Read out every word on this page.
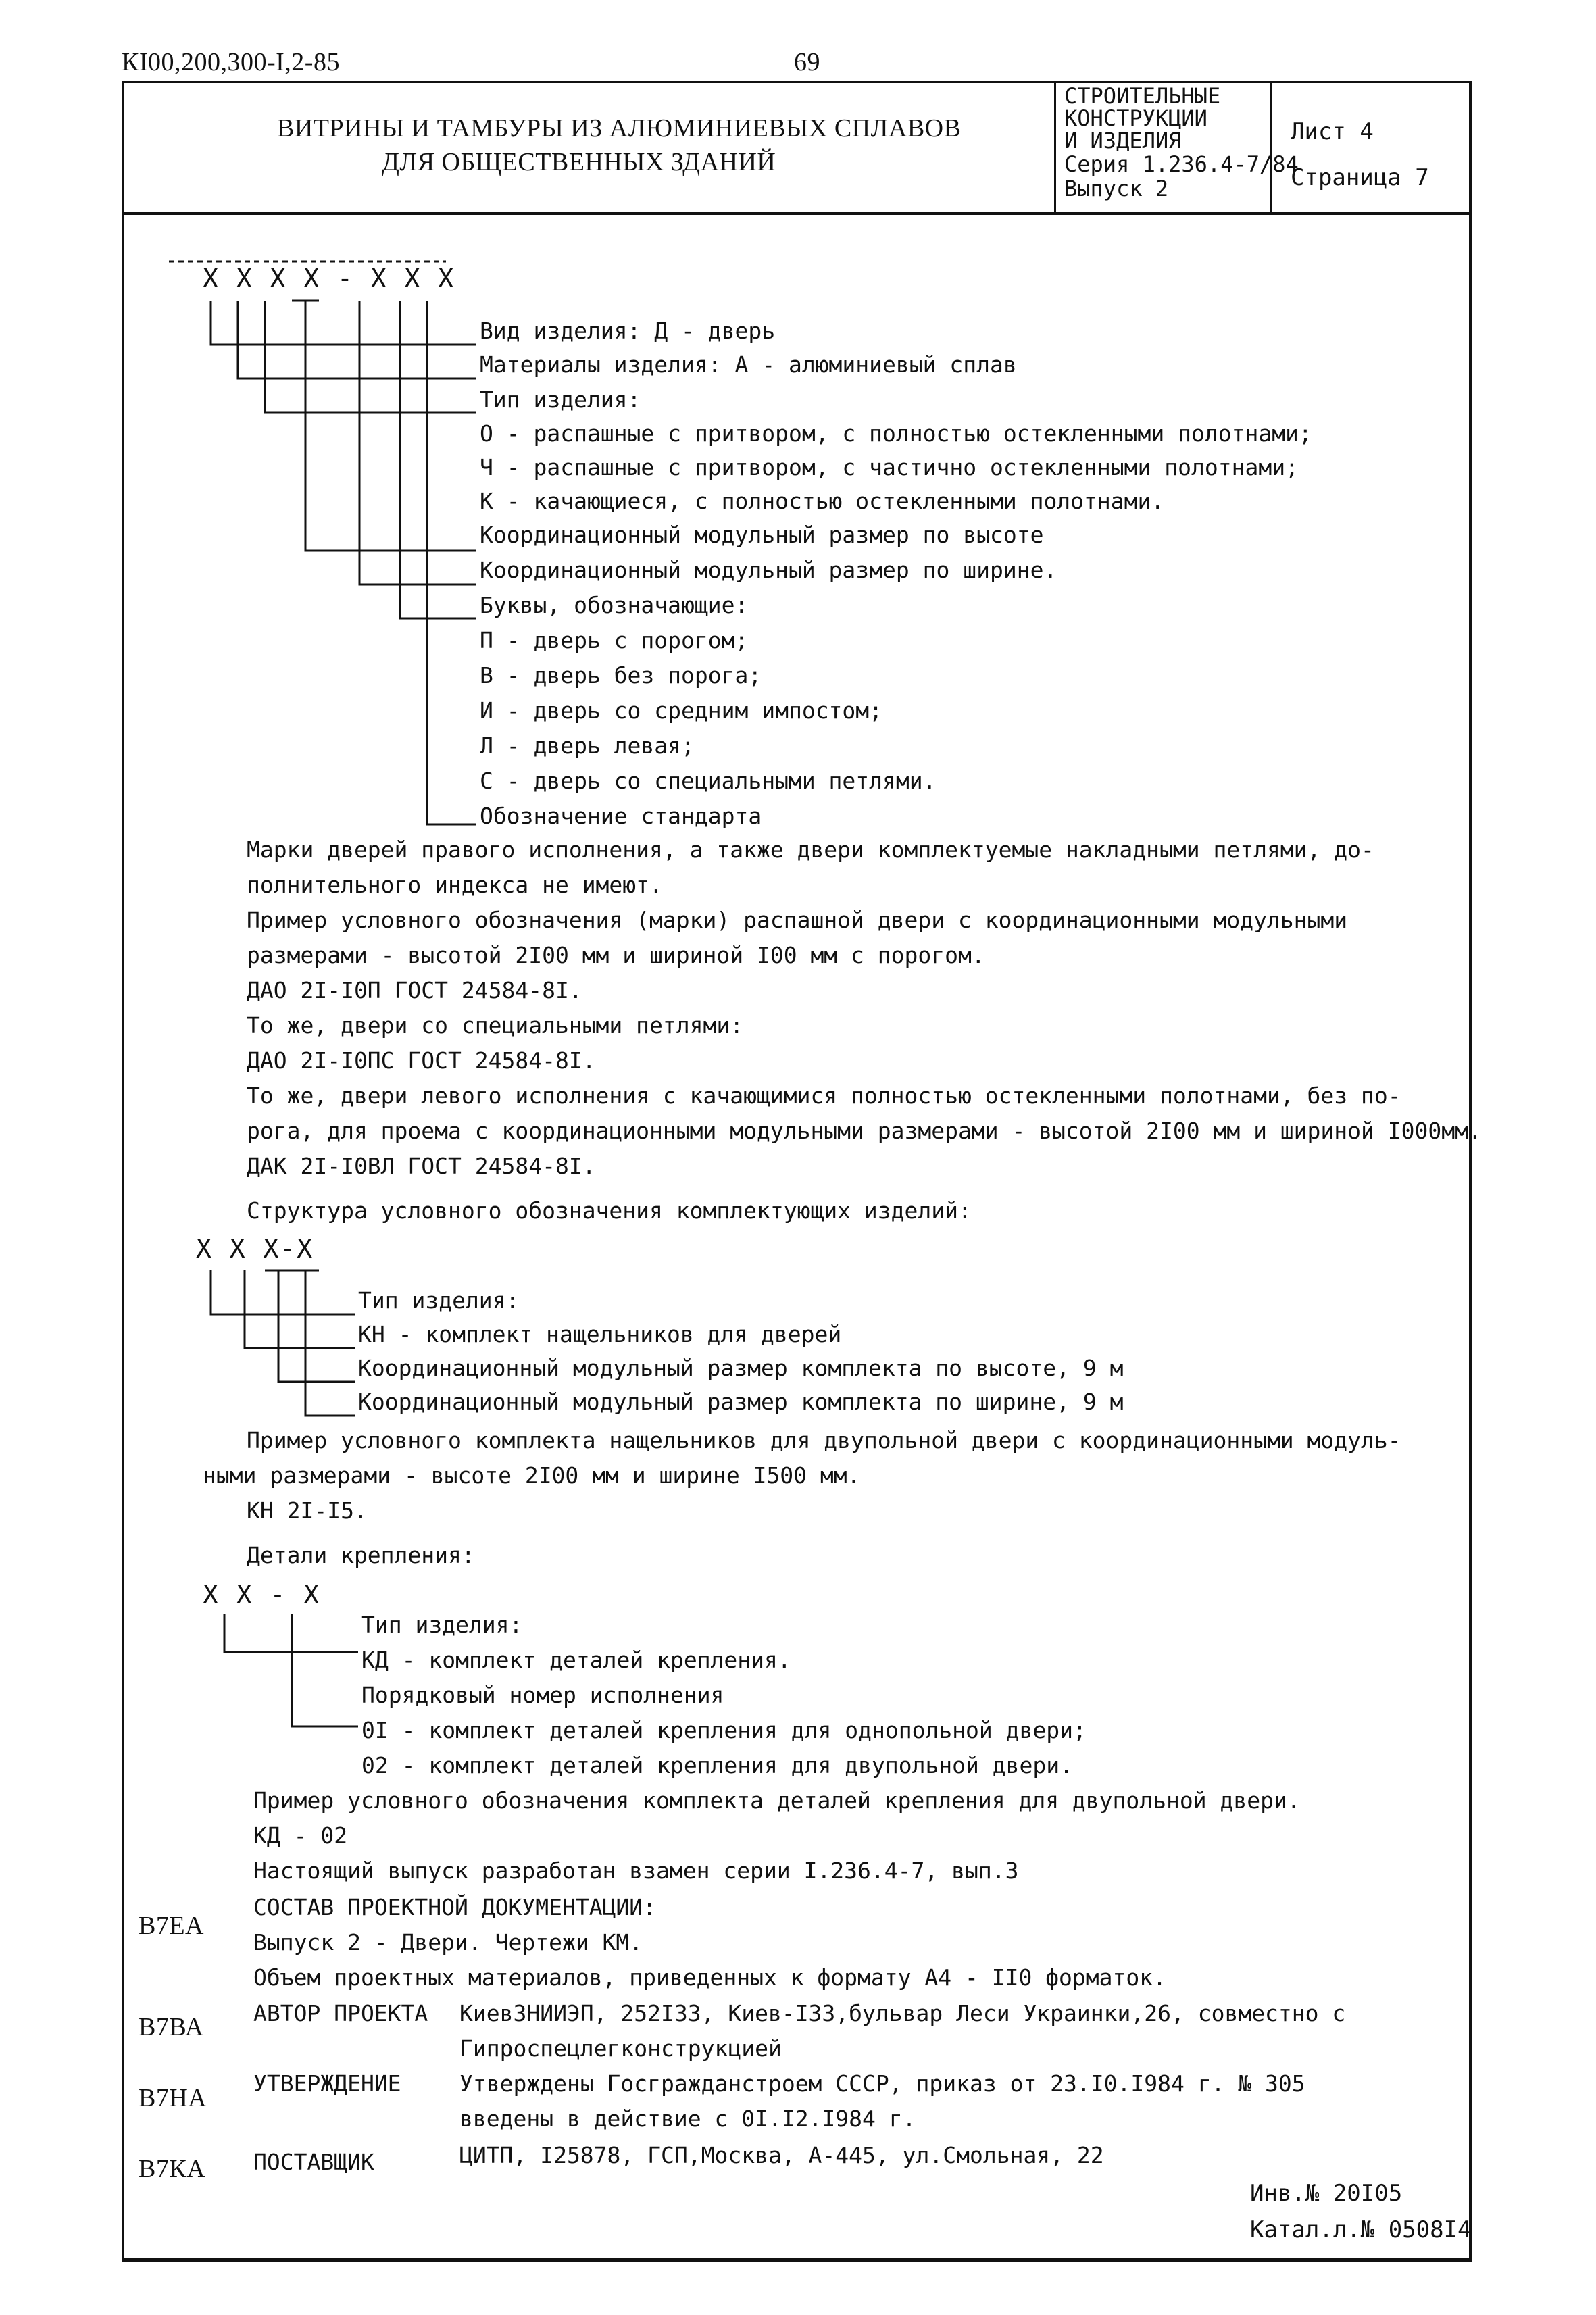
КI00,200,300-I,2-85	69
ВИТРИНЫ И ТАМБУРЫ ИЗ АЛЮМИНИЕВЫХ СПЛАВОВ
ДЛЯ ОБЩЕСТВЕННЫХ ЗДАНИЙ
СТРОИТЕЛЬНЫЕ
КОНСТРУКЦИИ
И ИЗДЕЛИЯ
Серия 1.236.4-7/84
Выпуск 2
Лист 4
Страница 7
X X X X - X X X
Вид изделия: Д - дверь
Материалы изделия: А - алюминиевый сплав
Тип изделия:
О - распашные с притвором, с полностью остекленными полотнами;
Ч - распашные с притвором, с частично остекленными полотнами;
К - качающиеся, с полностью остекленными полотнами.
Координационный модульный размер по высоте
Координационный модульный размер по ширине.
Буквы, обозначающие:
П - дверь с порогом;
В - дверь без порога;
И - дверь со средним импостом;
Л - дверь левая;
С - дверь со специальными петлями.
Обозначение стандарта
Марки дверей правого исполнения, а также двери комплектуемые накладными петлями, до-
полнительного индекса не имеют.
Пример условного обозначения (марки) распашной двери с координационными модульными
размерами - высотой 2I00 мм и шириной I00 мм с порогом.
ДАО 2I-I0П ГОСТ 24584-8I.
То же, двери со специальными петлями:
ДАО 2I-I0ПС ГОСТ 24584-8I.
То же, двери левого исполнения с качающимися полностью остекленными полотнами, без по-
рога, для проема с координационными модульными размерами - высотой 2I00 мм и шириной I000мм.
ДАК 2I-I0ВЛ ГОСТ 24584-8I.
Структура условного обозначения комплектующих изделий:
X X X-X
Тип изделия:
КН - комплект нащельников для дверей
Координационный модульный размер комплекта по высоте, 9 м
Координационный модульный размер комплекта по ширине, 9 м
Пример условного комплекта нащельников для двупольной двери с координационными модуль-
ными размерами - высоте 2I00 мм и ширине I500 мм.
КН 2I-I5.
Детали крепления:
X X - X
Тип изделия:
КД - комплект деталей крепления.
Порядковый номер исполнения
0I - комплект деталей крепления для однопольной двери;
02 - комплект деталей крепления для двупольной двери.
Пример условного обозначения комплекта деталей крепления для двупольной двери.
КД - 02
Настоящий выпуск разработан взамен серии I.236.4-7, вып.3
В7ЕА
СОСТАВ ПРОЕКТНОЙ ДОКУМЕНТАЦИИ:
Выпуск 2 - Двери. Чертежи КМ.
Объем проектных материалов, приведенных к формату А4 - II0 форматок.
В7ВА АВТОР ПРОЕКТА КиевЗНИИЭП, 252I33, Киев-I33,бульвар Леси Украинки,26, совместно с
Гипроспецлегконструкцией
В7НА
УТВЕРЖДЕНИЕ	Утверждены Госгражданстроем СССР, приказ от 23.I0.I984 г. № 305
введены в действие с 0I.I2.I984 г.
В7КА ПОСТАВЩИК	ЦИТП, I25878, ГСП,Москва, А-445, ул.Смольная, 22
Инв.№ 20I05
Катал.л.№ 0508I4
